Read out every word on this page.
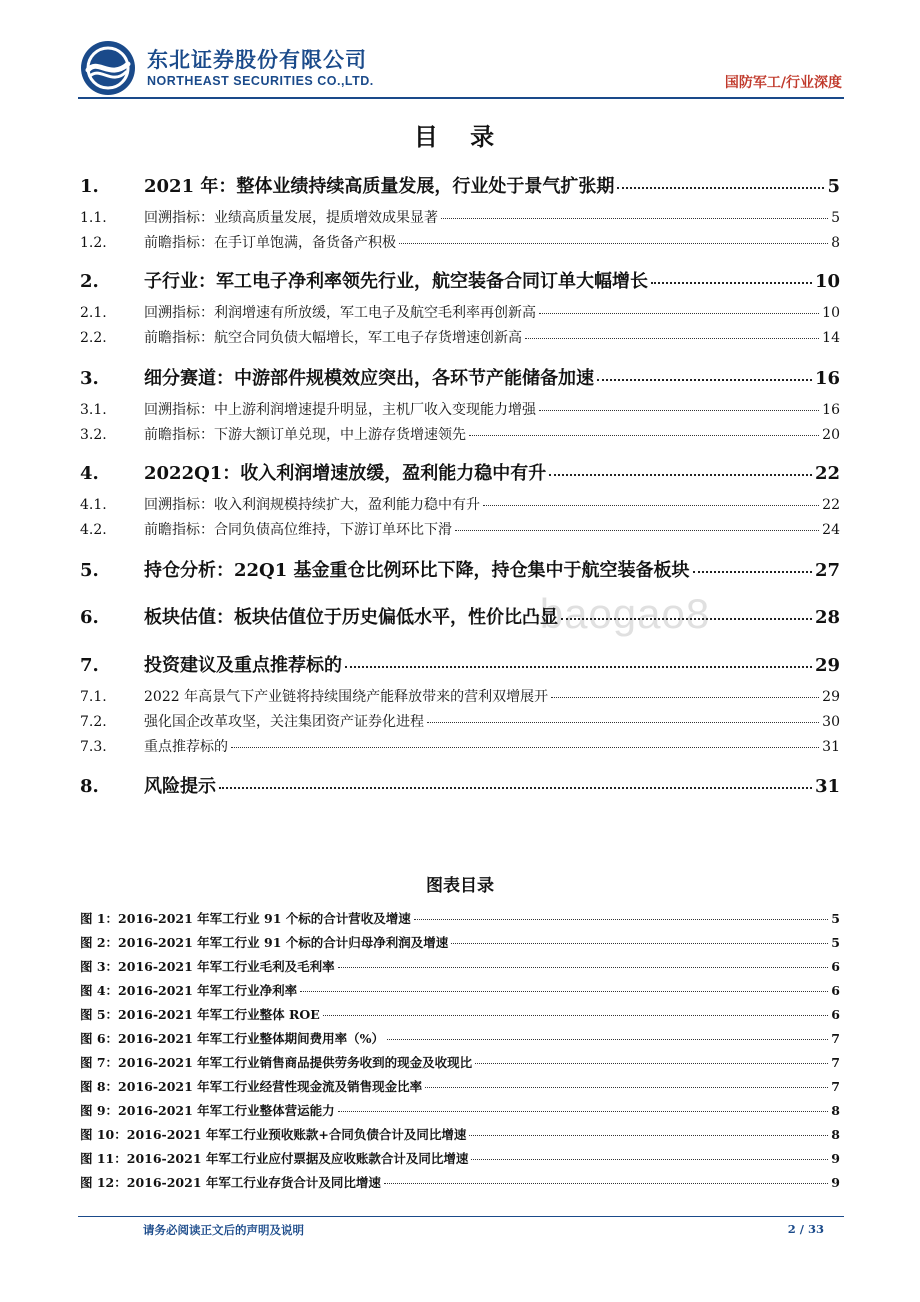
东北证券股份有限公司
NORTHEAST SECURITIES CO.,LTD.	国防军工/行业深度
baogao8
目 录
1.	2021 年：整体业绩持续高质量发展，行业处于景气扩张期	5
1.1.	回溯指标：业绩高质量发展，提质增效成果显著	5
1.2.	前瞻指标：在手订单饱满，备货备产积极	8
2.	子行业：军工电子净利率领先行业，航空装备合同订单大幅增长	10
2.1.	回溯指标：利润增速有所放缓，军工电子及航空毛利率再创新高	10
2.2.	前瞻指标：航空合同负债大幅增长，军工电子存货增速创新高	14
3.	细分赛道：中游部件规模效应突出，各环节产能储备加速	16
3.1.	回溯指标：中上游利润增速提升明显，主机厂收入变现能力增强	16
3.2.	前瞻指标：下游大额订单兑现，中上游存货增速领先	20
4.	2022Q1：收入利润增速放缓，盈利能力稳中有升	22
4.1.	回溯指标：收入利润规模持续扩大，盈利能力稳中有升	22
4.2.	前瞻指标：合同负债高位维持，下游订单环比下滑	24
5.	持仓分析：22Q1 基金重仓比例环比下降，持仓集中于航空装备板块	27
6.	板块估值：板块估值位于历史偏低水平，性价比凸显	28
7.	投资建议及重点推荐标的	29
7.1.	2022 年高景气下产业链将持续围绕产能释放带来的营利双增展开	29
7.2.	强化国企改革攻坚，关注集团资产证券化进程	30
7.3.	重点推荐标的	31
8.	风险提示	31
图表目录
图 1：2016-2021 年军工行业 91 个标的合计营收及增速	5
图 2：2016-2021 年军工行业 91 个标的合计归母净利润及增速	5
图 3：2016-2021 年军工行业毛利及毛利率	6
图 4：2016-2021 年军工行业净利率	6
图 5：2016-2021 年军工行业整体 ROE	6
图 6：2016-2021 年军工行业整体期间费用率（%）	7
图 7：2016-2021 年军工行业销售商品提供劳务收到的现金及收现比	7
图 8：2016-2021 年军工行业经营性现金流及销售现金比率	7
图 9：2016-2021 年军工行业整体营运能力	8
图 10：2016-2021 年军工行业预收账款+合同负债合计及同比增速	8
图 11：2016-2021 年军工行业应付票据及应收账款合计及同比增速	9
图 12：2016-2021 年军工行业存货合计及同比增速	9
请务必阅读正文后的声明及说明	2 / 33
